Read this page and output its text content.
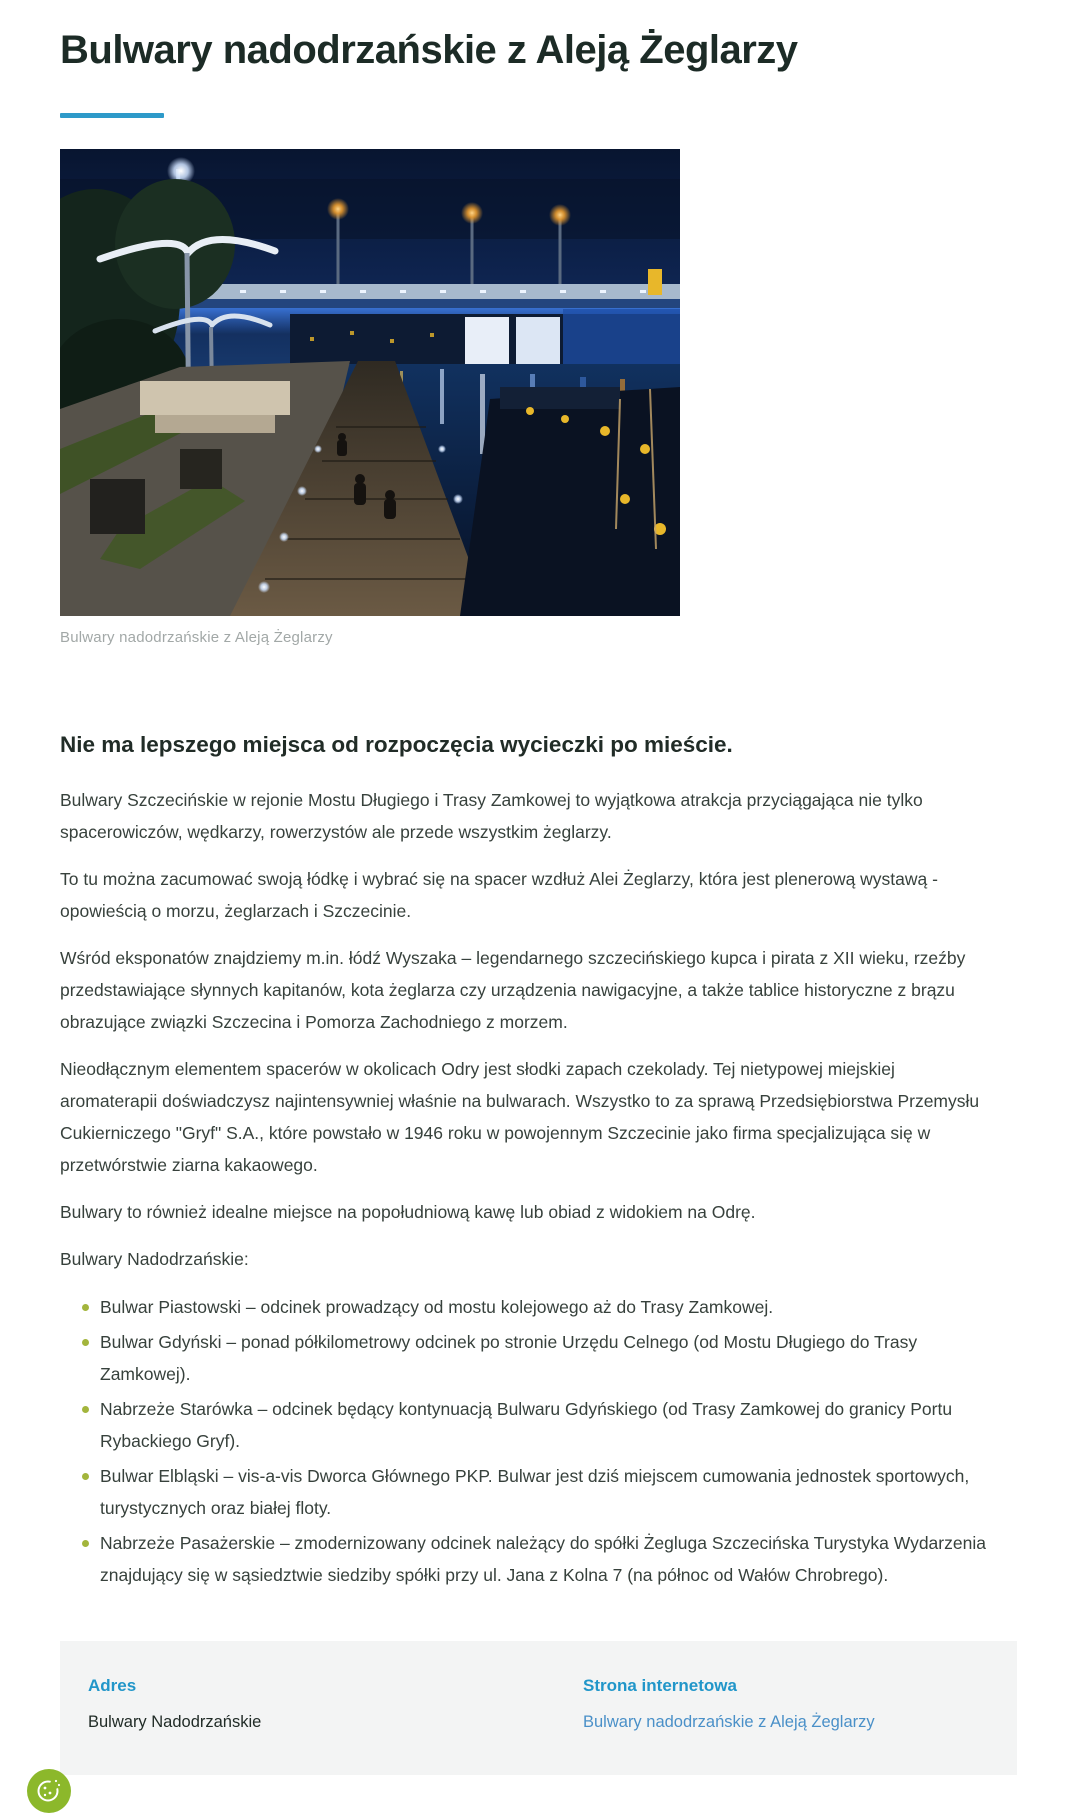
Bulwary nadodrzańskie z Aleją Żeglarzy
Bulwary nadodrzańskie z Aleją Żeglarzy
Nie ma lepszego miejsca od rozpoczęcia wycieczki po mieście.

Bulwary Szczecińskie w rejonie Mostu Długiego i Trasy Zamkowej to wyjątkowa atrakcja przyciągająca nie tylko spacerowiczów, wędkarzy, rowerzystów ale przede wszystkim żeglarzy.

To tu można zacumować swoją łódkę i wybrać się na spacer wzdłuż Alei Żeglarzy, która jest plenerową wystawą - opowieścią o morzu, żeglarzach i Szczecinie.

Wśród eksponatów znajdziemy m.in. łódź Wyszaka – legendarnego szczecińskiego kupca i pirata z XII wieku, rzeźby przedstawiające słynnych kapitanów, kota żeglarza czy urządzenia nawigacyjne, a także tablice historyczne z brązu obrazujące związki Szczecina i Pomorza Zachodniego z morzem.

Nieodłącznym elementem spacerów w okolicach Odry jest słodki zapach czekolady. Tej nietypowej miejskiej aromaterapii doświadczysz najintensywniej właśnie na bulwarach. Wszystko to za sprawą Przedsiębiorstwa Przemysłu Cukierniczego "Gryf" S.A., które powstało w 1946 roku w powojennym Szczecinie jako firma specjalizująca się w przetwórstwie ziarna kakaowego.

Bulwary to również idealne miejsce na popołudniową kawę lub obiad z widokiem na Odrę.

Bulwary Nadodrzańskie:

Bulwar Piastowski – odcinek prowadzący od mostu kolejowego aż do Trasy Zamkowej.
Bulwar Gdyński – ponad półkilometrowy odcinek po stronie Urzędu Celnego (od Mostu Długiego do Trasy Zamkowej).
Nabrzeże Starówka – odcinek będący kontynuacją Bulwaru Gdyńskiego (od Trasy Zamkowej do granicy Portu Rybackiego Gryf).
Bulwar Elbląski – vis-a-vis Dworca Głównego PKP. Bulwar jest dziś miejscem cumowania jednostek sportowych, turystycznych oraz białej floty.
Nabrzeże Pasażerskie – zmodernizowany odcinek należący do spółki Żegluga Szczecińska Turystyka Wydarzenia znajdujący się w sąsiedztwie siedziby spółki przy ul. Jana z Kolna 7 (na północ od Wałów Chrobrego).
Adres
Bulwary Nadodrzańskie
Strona internetowa
Bulwary nadodrzańskie z Aleją Żeglarzy
